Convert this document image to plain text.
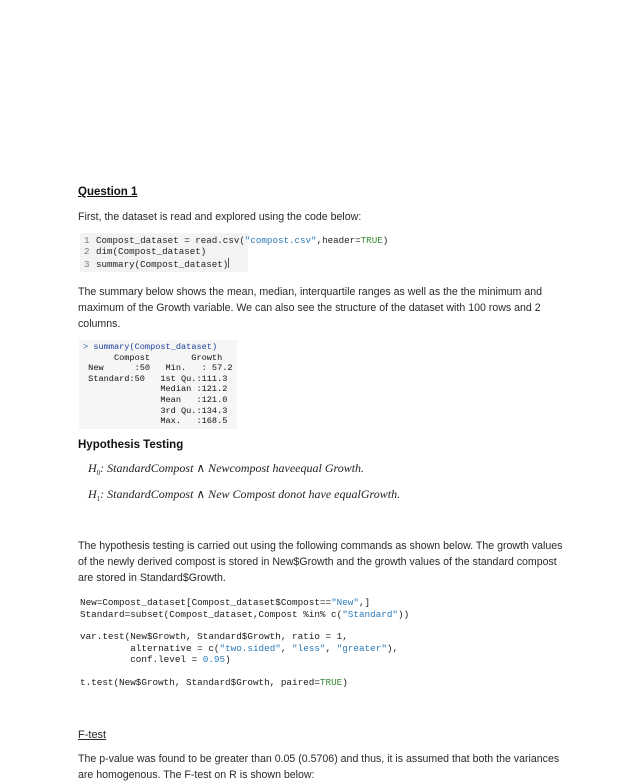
Question 1
First, the dataset is read and explored using the code below:
1 Compost_dataset = read.csv("compost.csv",header=TRUE)
2 dim(Compost_dataset)
3 summary(Compost_dataset)
The summary below shows the mean, median, interquartile ranges as well as the the minimum and maximum of the Growth variable. We can also see the structure of the dataset with 100 rows and 2 columns.
> summary(Compost_dataset)
Compost        Growth
New      :50   Min.   : 57.2
Standard:50   1st Qu.:111.3
Median :121.2
Mean   :121.0
3rd Qu.:134.3
Max.   :168.5
Hypothesis Testing
$H_0$: StandardCompost ∧ Newcompost haveequal Growth.
$H_1$: StandardCompost ∧ New Compost donot have equalGrowth.
The hypothesis testing is carried out using the following commands as shown below. The growth values of the newly derived compost is stored in New$Growth and the growth values of the standard compost are stored in Standard$Growth.
New=Compost_dataset[Compost_dataset$Compost=="New",]
Standard=subset(Compost_dataset,Compost %in% c("Standard"))

var.test(New$Growth, Standard$Growth, ratio = 1,
alternative = c("two.sided", "less", "greater"),
conf.level = 0.95)
t.test(New$Growth, Standard$Growth, paired=TRUE)
F-test
The p-value was found to be greater than 0.05 (0.5706) and thus, it is assumed that both the variances are homogenous. The F-test on R is shown below:
